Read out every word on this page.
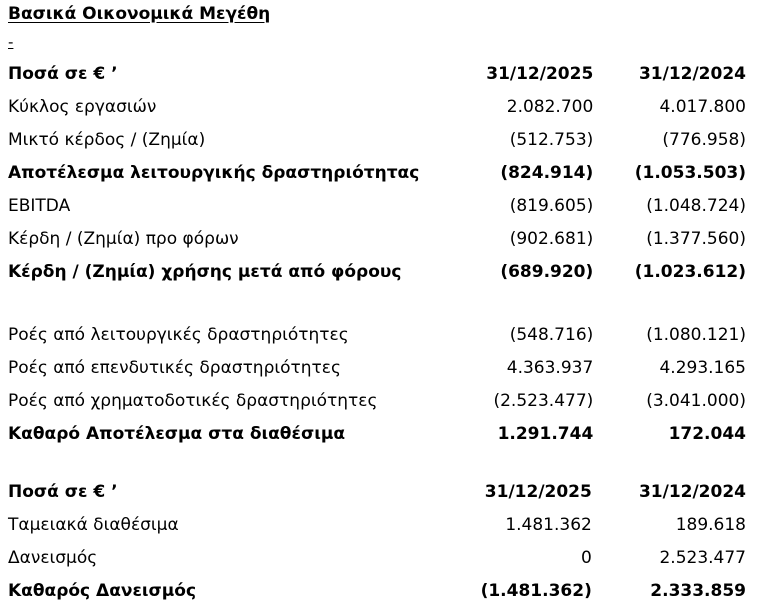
Βασικά Οικονομικά Μεγέθη
-
Ποσά σε € ’	31/12/2025	31/12/2024
Κύκλος εργασιών	2.082.700	4.017.800
Μικτό κέρδος / (Ζημία)	(512.753)	(776.958)
Αποτέλεσμα λειτουργικής δραστηριότητας	(824.914)	(1.053.503)
EBITDA	(819.605)	(1.048.724)
Κέρδη / (Ζημία) προ φόρων	(902.681)	(1.377.560)
Κέρδη / (Ζημία) χρήσης μετά από φόρους	(689.920)	(1.023.612)

Ροές από λειτουργικές δραστηριότητες	(548.716)	(1.080.121)
Ροές από επενδυτικές δραστηριότητες	4.363.937	4.293.165
Ροές από χρηματοδοτικές δραστηριότητες	(2.523.477)	(3.041.000)
Καθαρό Αποτέλεσμα στα διαθέσιμα	1.291.744	172.044
Ποσά σε € ’	31/12/2025	31/12/2024
Ταμειακά διαθέσιμα	1.481.362	189.618
Δανεισμός	0	2.523.477
Καθαρός Δανεισμός	(1.481.362)	2.333.859
